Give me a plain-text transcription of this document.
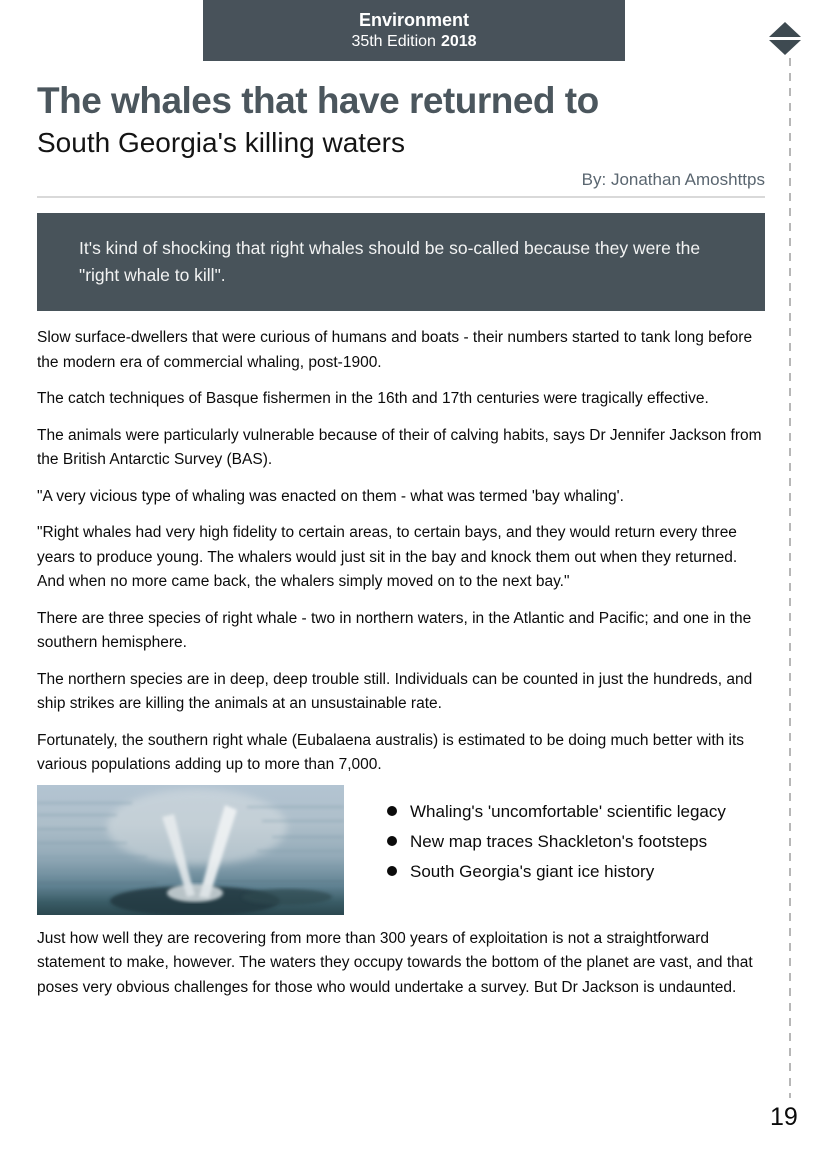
Environment
35th Edition 2018
The whales that have returned to
South Georgia's killing waters
By: Jonathan Amoshttps
It's kind of shocking that right whales should be so-called because they were the "right whale to kill".

Slow surface-dwellers that were curious of humans and boats - their numbers started to tank long before the modern era of commercial whaling, post-1900.

The catch techniques of Basque fishermen in the 16th and 17th centuries were tragically effective.

The animals were particularly vulnerable because of their of calving habits, says Dr Jennifer Jackson from the British Antarctic Survey (BAS).

"A very vicious type of whaling was enacted on them - what was termed 'bay whaling'.

"Right whales had very high fidelity to certain areas, to certain bays, and they would return every three years to produce young. The whalers would just sit in the bay and knock them out when they returned. And when no more came back, the whalers simply moved on to the next bay."

There are three species of right whale - two in northern waters, in the Atlantic and Pacific; and one in the southern hemisphere.

The northern species are in deep, deep trouble still. Individuals can be counted in just the hundreds, and ship strikes are killing the animals at an unsustainable rate.

Fortunately, the southern right whale (Eubalaena australis) is estimated to be doing much better with its various populations adding up to more than 7,000.

Whaling's 'uncomfortable' scientific legacy
New map traces Shackleton's footsteps
South Georgia's giant ice history

Just how well they are recovering from more than 300 years of exploitation is not a straightforward statement to make, however. The waters they occupy towards the bottom of the planet are vast, and that poses very obvious challenges for those who would undertake a survey. But Dr Jackson is undaunted.

19
